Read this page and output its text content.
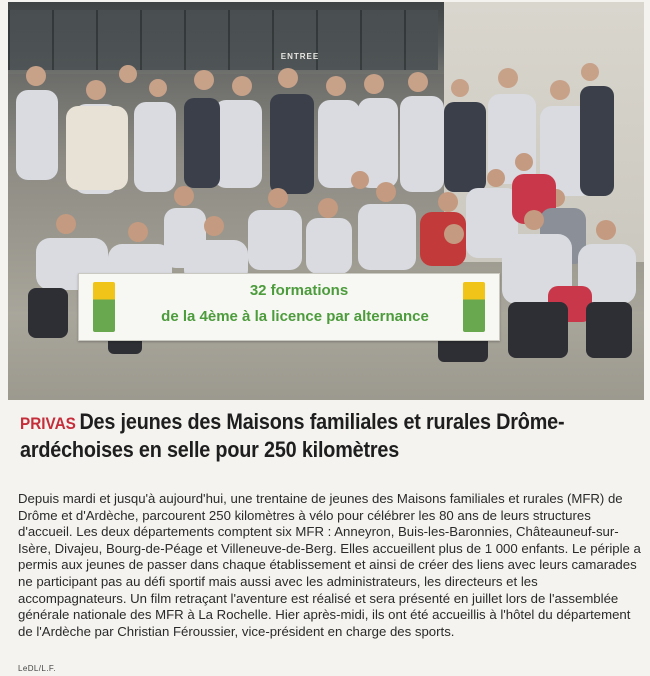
ENTREE
32 formations
de la 4ème à la licence par alternance
PRIVAS Des jeunes des Maisons familiales et rurales Drôme-ardéchoises en selle pour 250 kilomètres
Depuis mardi et jusqu'à aujourd'hui, une trentaine de jeunes des Maisons familiales et rurales (MFR) de Drôme et d'Ardèche, parcourent 250 kilomètres à vélo pour célébrer les 80 ans de leurs structures d'accueil. Les deux départements comptent six MFR : Anneyron, Buis-les-Baronnies, Châteauneuf-sur-Isère, Divajeu, Bourg-de-Péage et Villeneuve-de-Berg. Elles accueillent plus de 1 000 enfants. Le périple a permis aux jeunes de passer dans chaque établissement et ainsi de créer des liens avec leurs camarades ne participant pas au défi sportif mais aussi avec les administrateurs, les directeurs et les accompagnateurs. Un film retraçant l'aventure est réalisé et sera présenté en juillet lors de l'assemblée générale nationale des MFR à La Rochelle. Hier après-midi, ils ont été accueillis à l'hôtel du département de l'Ardèche par Christian Féroussier, vice-président en charge des sports.
LeDL/L.F.
